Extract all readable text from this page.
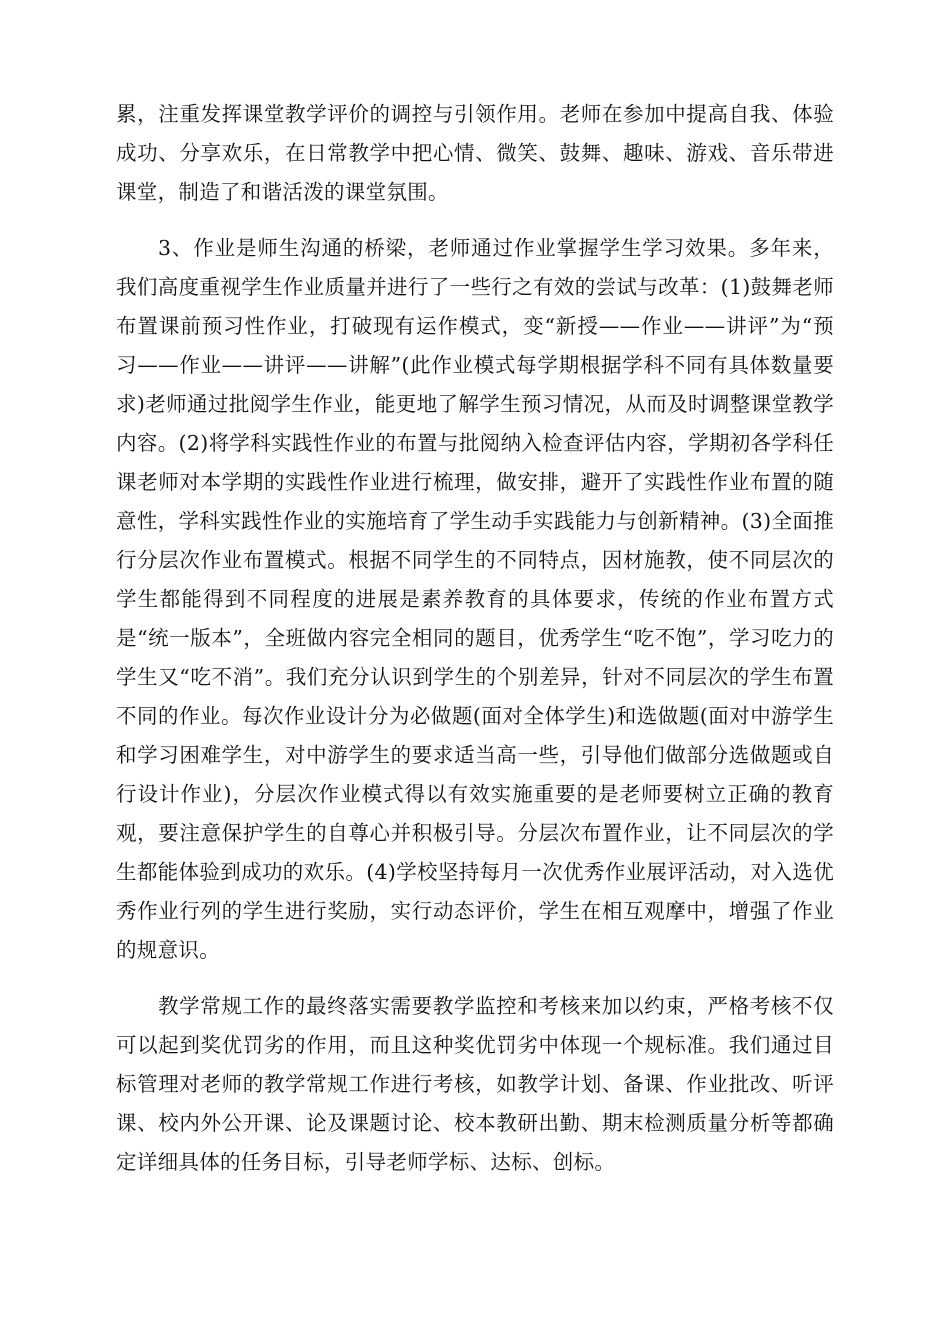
累，注重发挥课堂教学评价的调控与引领作用。老师在参加中提高自我、体验成功、分享欢乐，在日常教学中把心情、微笑、鼓舞、趣味、游戏、音乐带进课堂，制造了和谐活泼的课堂氛围。

3、作业是师生沟通的桥梁，老师通过作业掌握学生学习效果。多年来，我们高度重视学生作业质量并进行了一些行之有效的尝试与改革：(1)鼓舞老师布置课前预习性作业，打破现有运作模式，变“新授——作业——讲评”为“预习——作业——讲评——讲解”(此作业模式每学期根据学科不同有具体数量要求)老师通过批阅学生作业，能更地了解学生预习情况，从而及时调整课堂教学内容。(2)将学科实践性作业的布置与批阅纳入检查评估内容，学期初各学科任课老师对本学期的实践性作业进行梳理，做安排，避开了实践性作业布置的随意性，学科实践性作业的实施培育了学生动手实践能力与创新精神。(3)全面推行分层次作业布置模式。根据不同学生的不同特点，因材施教，使不同层次的学生都能得到不同程度的进展是素养教育的具体要求，传统的作业布置方式是“统一版本”，全班做内容完全相同的题目，优秀学生“吃不饱”，学习吃力的学生又“吃不消”。我们充分认识到学生的个别差异，针对不同层次的学生布置不同的作业。每次作业设计分为必做题(面对全体学生)和选做题(面对中游学生和学习困难学生，对中游学生的要求适当高一些，引导他们做部分选做题或自行设计作业)，分层次作业模式得以有效实施重要的是老师要树立正确的教育观，要注意保护学生的自尊心并积极引导。分层次布置作业，让不同层次的学生都能体验到成功的欢乐。(4)学校坚持每月一次优秀作业展评活动，对入选优秀作业行列的学生进行奖励，实行动态评价，学生在相互观摩中，增强了作业的规意识。

教学常规工作的最终落实需要教学监控和考核来加以约束，严格考核不仅可以起到奖优罚劣的作用，而且这种奖优罚劣中体现一个规标准。我们通过目标管理对老师的教学常规工作进行考核，如教学计划、备课、作业批改、听评课、校内外公开课、论及课题讨论、校本教研出勤、期末检测质量分析等都确定详细具体的任务目标，引导老师学标、达标、创标。
